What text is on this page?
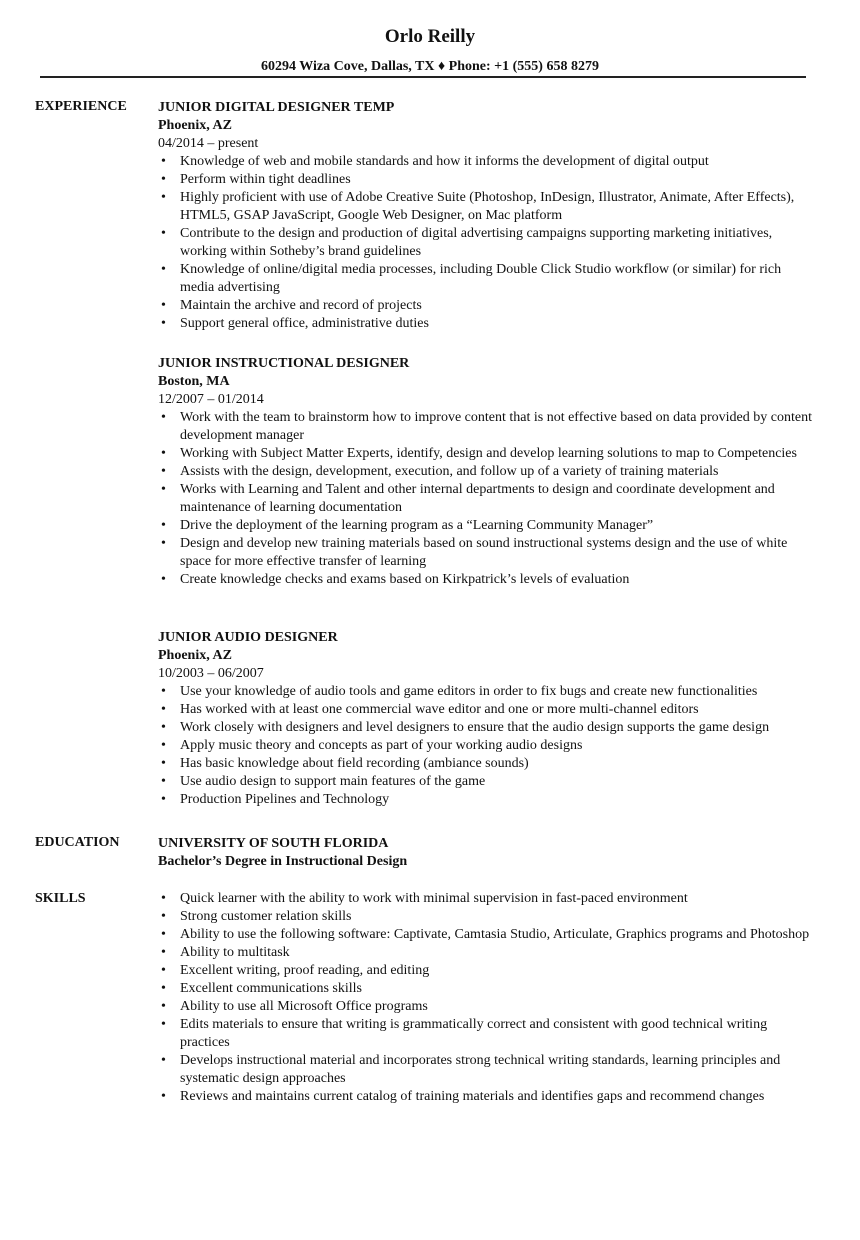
Orlo Reilly
60294 Wiza Cove, Dallas, TX ♦ Phone: +1 (555) 658 8279
EXPERIENCE JUNIOR DIGITAL DESIGNER TEMP
Phoenix, AZ
04/2014 – present
• Knowledge of web and mobile standards and how it informs the development of digital output
• Perform within tight deadlines
• Highly proficient with use of Adobe Creative Suite (Photoshop, InDesign, Illustrator, Animate, After Effects), HTML5, GSAP JavaScript, Google Web Designer, on Mac platform
• Contribute to the design and production of digital advertising campaigns supporting marketing initiatives, working within Sotheby’s brand guidelines
• Knowledge of online/digital media processes, including Double Click Studio workflow (or similar) for rich media advertising
• Maintain the archive and record of projects
• Support general office, administrative duties
JUNIOR INSTRUCTIONAL DESIGNER
Boston, MA
12/2007 – 01/2014
• Work with the team to brainstorm how to improve content that is not effective based on data provided by content development manager
• Working with Subject Matter Experts, identify, design and develop learning solutions to map to Competencies
• Assists with the design, development, execution, and follow up of a variety of training materials
• Works with Learning and Talent and other internal departments to design and coordinate development and maintenance of learning documentation
• Drive the deployment of the learning program as a “Learning Community Manager”
• Design and develop new training materials based on sound instructional systems design and the use of white space for more effective transfer of learning
• Create knowledge checks and exams based on Kirkpatrick’s levels of evaluation
JUNIOR AUDIO DESIGNER
Phoenix, AZ
10/2003 – 06/2007
• Use your knowledge of audio tools and game editors in order to fix bugs and create new functionalities
• Has worked with at least one commercial wave editor and one or more multi-channel editors
• Work closely with designers and level designers to ensure that the audio design supports the game design
• Apply music theory and concepts as part of your working audio designs
• Has basic knowledge about field recording (ambiance sounds)
• Use audio design to support main features of the game
• Production Pipelines and Technology
EDUCATION	UNIVERSITY OF SOUTH FLORIDA
Bachelor’s Degree in Instructional Design
SKILLS
•	Quick learner with the ability to work with minimal supervision in fast-paced environment
• Strong customer relation skills
• Ability to use the following software: Captivate, Camtasia Studio, Articulate, Graphics programs and Photoshop
• Ability to multitask
• Excellent writing, proof reading, and editing
• Excellent communications skills
• Ability to use all Microsoft Office programs
• Edits materials to ensure that writing is grammatically correct and consistent with good technical writing practices
• Develops instructional material and incorporates strong technical writing standards, learning principles and systematic design approaches
• Reviews and maintains current catalog of training materials and identifies gaps and recommend changes
